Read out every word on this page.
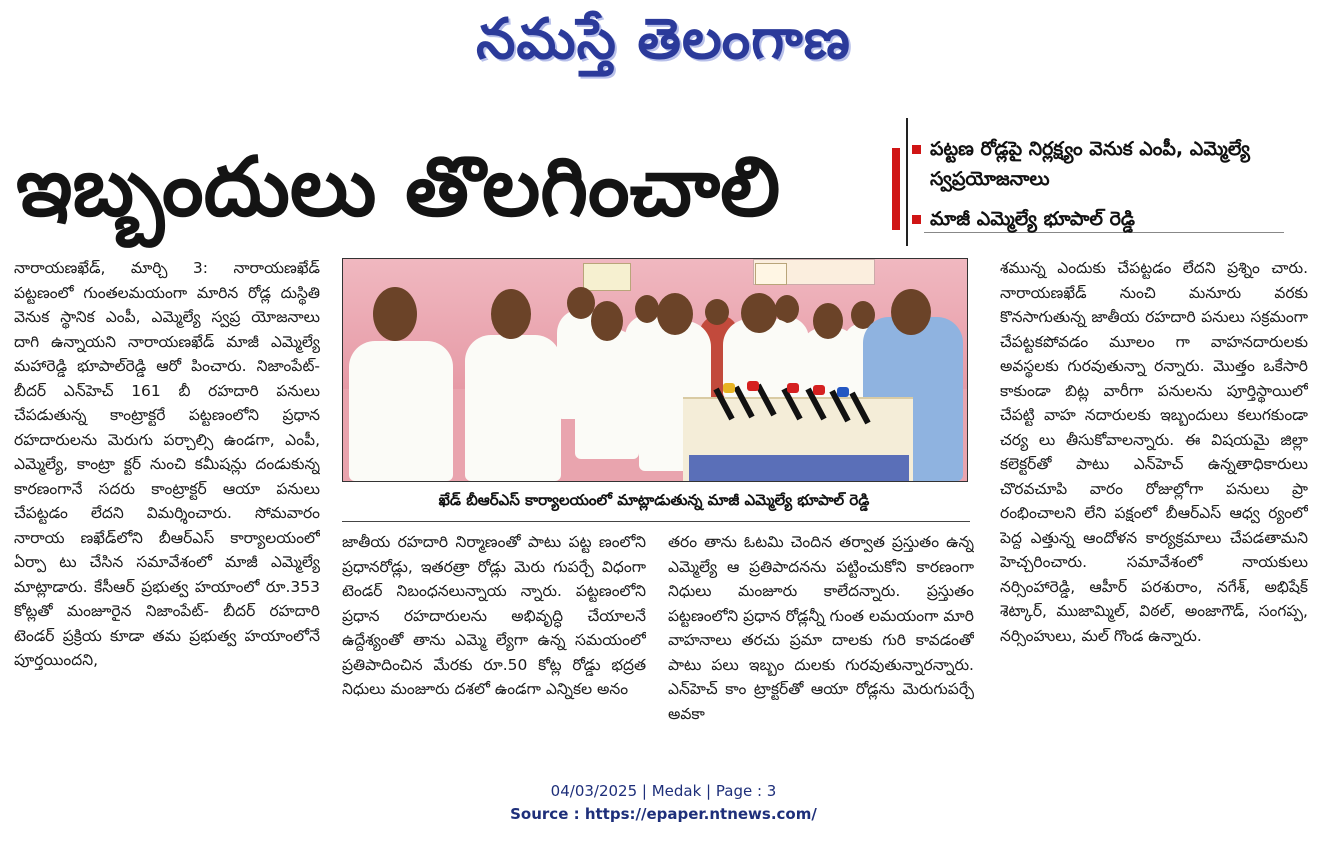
నమస్తే తెలంగాణ
ఇబ్బందులు తొలగించాలి	పట్టణ రోడ్లపై నిర్లక్ష్యం వెనుక ఎంపీ, ఎమ్మెల్యే స్వప్రయోజనాలు
మాజీ ఎమ్మెల్యే భూపాల్ రెడ్డి
నారాయణఖేడ్, మార్చి 3: నారాయణఖేడ్ పట్టణంలో గుంతలమయంగా మారిన రోడ్ల దుస్థితి వెనుక స్థానిక ఎంపీ, ఎమ్మెల్యే స్వప్ర యోజనాలు దాగి ఉన్నాయని నారాయణఖేడ్ మాజీ ఎమ్మెల్యే మహారెడ్డి భూపాల్‌రెడ్డి ఆరో పించారు. నిజాంపేట్-బీదర్ ఎన్‌హెచ్ 161 బీ రహదారి పనులు చేపడుతున్న కాంట్రాక్టరే పట్టణంలోని ప్రధాన రహదారులను మెరుగు పర్చాల్సి ఉండగా, ఎంపీ, ఎమ్మెల్యే, కాంట్రా క్టర్ నుంచి కమీషన్లు దండుకున్న కారణంగానే సదరు కాంట్రాక్టర్ ఆయా పనులు చేపట్టడం లేదని విమర్శించారు. సోమవారం నారాయ ణఖేడ్‌లోని బీఆర్ఎస్ కార్యాలయంలో ఏర్పా టు చేసిన సమావేశంలో మాజీ ఎమ్మెల్యే మాట్లాడారు. కేసీఆర్ ప్రభుత్వ హయాంలో రూ.353 కోట్లతో మంజూరైన నిజాంపేట్- బీదర్ రహదారి టెండర్ ప్రక్రియ కూడా తమ ప్రభుత్వ హయాంలోనే పూర్తయిందని,
ఖేడ్ బీఆర్ఎస్ కార్యాలయంలో మాట్లాడుతున్న మాజీ ఎమ్మెల్యే భూపాల్ రెడ్డి
జాతీయ రహదారి నిర్మాణంతో పాటు పట్ట ణంలోని ప్రధానరోడ్లు, ఇతరత్రా రోడ్లు మెరు గుపర్చే విధంగా టెండర్ నిబంధనలున్నాయ న్నారు. పట్టణంలోని ప్రధాన రహదారులను అభివృద్ధి చేయాలనే ఉద్దేశ్యంతో తాను ఎమ్మె ల్యేగా ఉన్న సమయంలో ప్రతిపాదించిన మేరకు రూ.50 కోట్ల రోడ్డు భద్రత నిధులు మంజూరు దశలో ఉండగా ఎన్నికల అనం
తరం తాను ఓటమి చెందిన తర్వాత ప్రస్తుతం ఉన్న ఎమ్మెల్యే ఆ ప్రతిపాదనను పట్టించుకోని కారణంగా నిధులు మంజూరు కాలేదన్నారు. ప్రస్తుతం పట్టణంలోని ప్రధాన రోడ్లన్నీ గుంత లమయంగా మారి వాహనాలు తరచు ప్రమా దాలకు గురి కావడంతో పాటు పలు ఇబ్బం దులకు గురవుతున్నారన్నారు. ఎన్‌హెచ్ కాం ట్రాక్టర్‌తో ఆయా రోడ్లను మెరుగుపర్చే అవకా
శమున్న ఎందుకు చేపట్టడం లేదని ప్రశ్నిం చారు. నారాయణఖేడ్ నుంచి మనూరు వరకు కొనసాగుతున్న జాతీయ రహదారి పనులు సక్రమంగా చేపట్టకపోవడం మూలం గా వాహనదారులకు అవస్థలకు గురవుతున్నా రన్నారు. మొత్తం ఒకేసారి కాకుండా బిట్ల వారీగా పనులను పూర్తిస్థాయిలో చేపట్టి వాహ నదారులకు ఇబ్బందులు కలుగకుండా చర్య లు తీసుకోవాలన్నారు. ఈ విషయమై జిల్లా కలెక్టర్‌తో పాటు ఎన్‌హెచ్ ఉన్నతాధికారులు చొరవచూపి వారం రోజుల్లోగా పనులు ప్రా రంభించాలని లేని పక్షంలో బీఆర్ఎస్ ఆధ్వ ర్యంలో పెద్ద ఎత్తున్న ఆందోళన కార్యక్రమాలు చేపడతామని హెచ్చరించారు. సమావేశంలో నాయకులు నర్సింహారెడ్డి, ఆహీర్ పరశురాం, నగేశ్, అభిషేక్ శెట్కార్, ముజామ్మిల్, విఠల్, అంజాగౌడ్, సంగప్ప, నర్సింహులు, మల్ గొండ ఉన్నారు.
04/03/2025 | Medak | Page : 3
Source : https://epaper.ntnews.com/
